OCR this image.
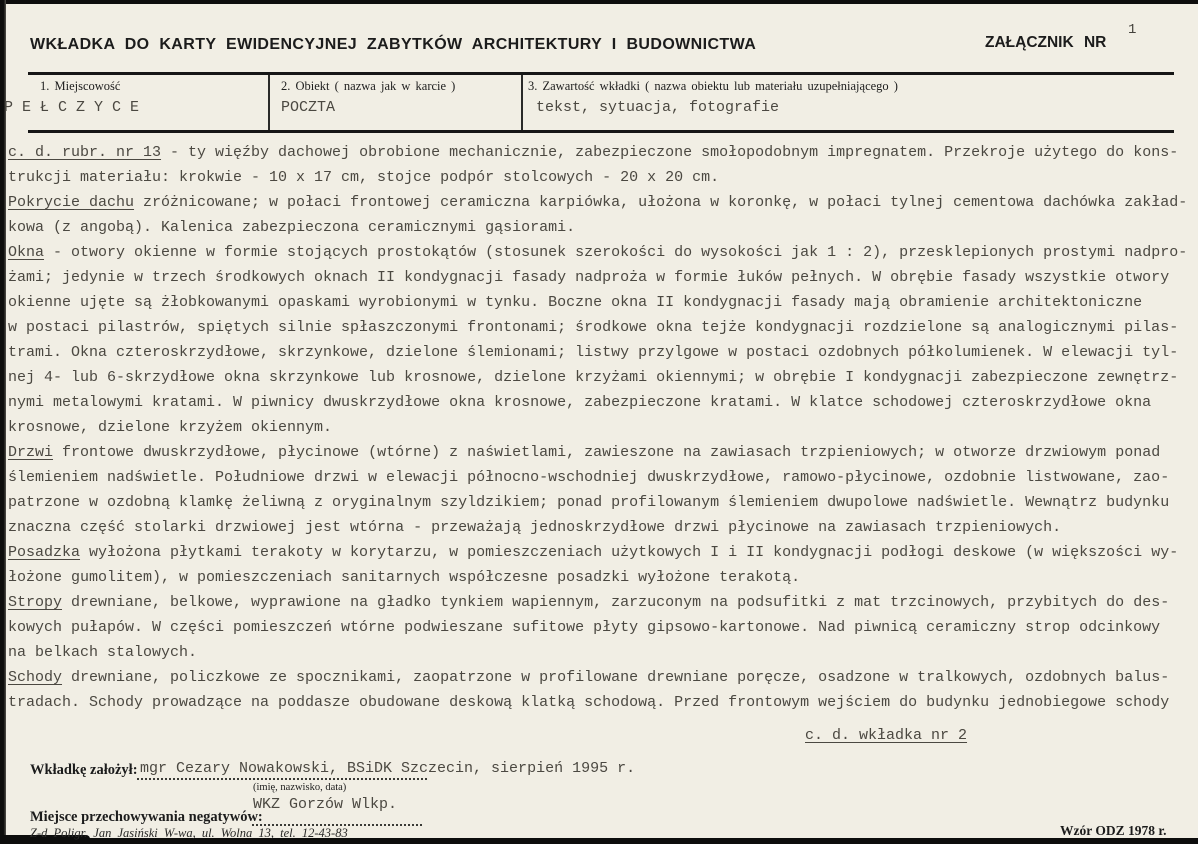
WKŁADKA DO KARTY EWIDENCYJNEJ ZABYTKÓW ARCHITEKTURY I BUDOWNICTWA	ZAŁĄCZNIK NR
1
1. Miejscowość	2. Obiekt ( nazwa jak w karcie )	3. Zawartość wkładki ( nazwa obiektu lub materiału uzupełniającego )
P E Ł C Z Y C E	POCZTA	tekst, sytuacja, fotografie
c. d. rubr. nr 13 - ty więźby dachowej obrobione mechanicznie, zabezpieczone smołopodobnym impregnatem. Przekroje użytego do kons-
trukcji materiału: krokwie - 10 x 17 cm, stojce podpór stolcowych - 20 x 20 cm.
Pokrycie dachu zróżnicowane; w połaci frontowej ceramiczna karpiówka, ułożona w koronkę, w połaci tylnej cementowa dachówka zakład-
kowa (z angobą). Kalenica zabezpieczona ceramicznymi gąsiorami.
Okna - otwory okienne w formie stojących prostokątów (stosunek szerokości do wysokości jak 1 : 2), przesklepionych prostymi nadpro-
żami; jedynie w trzech środkowych oknach II kondygnacji fasady nadproża w formie łuków pełnych. W obrębie fasady wszystkie otwory
okienne ujęte są żłobkowanymi opaskami wyrobionymi w tynku. Boczne okna II kondygnacji fasady mają obramienie architektoniczne
w postaci pilastrów, spiętych silnie spłaszczonymi frontonami; środkowe okna tejże kondygnacji rozdzielone są analogicznymi pilas-
trami. Okna czteroskrzydłowe, skrzynkowe, dzielone ślemionami; listwy przylgowe w postaci ozdobnych półkolumienek. W elewacji tyl-
nej 4- lub 6-skrzydłowe okna skrzynkowe lub krosnowe, dzielone krzyżami okiennymi; w obrębie I kondygnacji zabezpieczone zewnętrz-
nymi metalowymi kratami. W piwnicy dwuskrzydłowe okna krosnowe, zabezpieczone kratami. W klatce schodowej czteroskrzydłowe okna
krosnowe, dzielone krzyżem okiennym.
Drzwi frontowe dwuskrzydłowe, płycinowe (wtórne) z naświetlami, zawieszone na zawiasach trzpieniowych; w otworze drzwiowym ponad
ślemieniem nadświetle. Południowe drzwi w elewacji północno-wschodniej dwuskrzydłowe, ramowo-płycinowe, ozdobnie listwowane, zao-
patrzone w ozdobną klamkę żeliwną z oryginalnym szyldzikiem; ponad profilowanym ślemieniem dwupolowe nadświetle. Wewnątrz budynku
znaczna część stolarki drzwiowej jest wtórna - przeważają jednoskrzydłowe drzwi płycinowe na zawiasach trzpieniowych.
Posadzka wyłożona płytkami terakoty w korytarzu, w pomieszczeniach użytkowych I i II kondygnacji podłogi deskowe (w większości wy-
łożone gumolitem), w pomieszczeniach sanitarnych współczesne posadzki wyłożone terakotą.
Stropy drewniane, belkowe, wyprawione na gładko tynkiem wapiennym, zarzuconym na podsufitki z mat trzcinowych, przybitych do des-
kowych pułapów. W części pomieszczeń wtórne podwieszane sufitowe płyty gipsowo-kartonowe. Nad piwnicą ceramiczny strop odcinkowy
na belkach stalowych.
Schody drewniane, policzkowe ze spocznikami, zaopatrzone w profilowane drewniane poręcze, osadzone w tralkowych, ozdobnych balus-
tradach. Schody prowadzące na poddasze obudowane deskową klatką schodową. Przed frontowym wejściem do budynku jednobiegowe schody
c. d. wkładka nr 2
Wkładkę założył: mgr Cezary Nowakowski, BSiDK Szczecin, sierpień 1995 r.
(imię, nazwisko, data)
WKZ Gorzów Wlkp.
Miejsce przechowywania negatywów:
Z-d Poligr. Jan Jasiński W-wa, ul. Wolna 13, tel. 12-43-83	Wzór ODZ 1978 r.
